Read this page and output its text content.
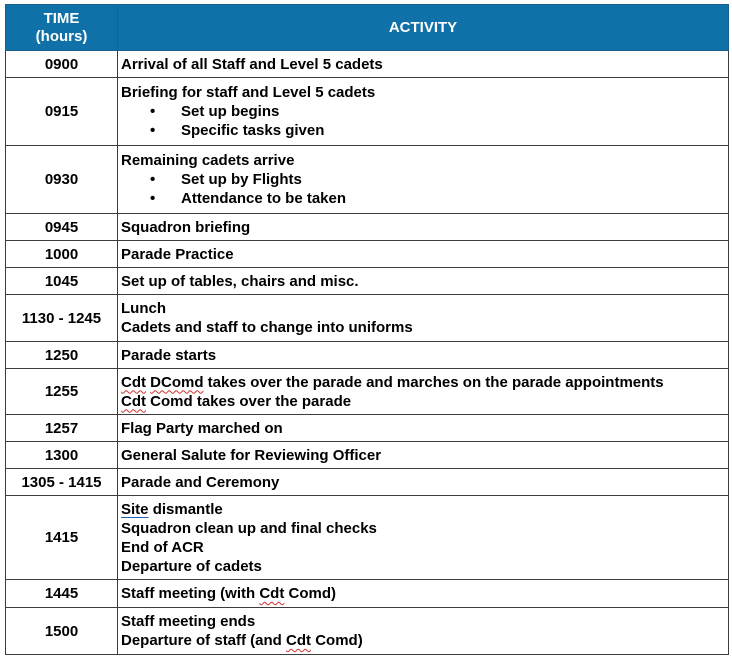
TIME
(hours)	ACTIVITY
0900	Arrival of all Staff and Level 5 cadets

0915	Briefing for staff and Level 5 cadets
• Set up begins
• Specific tasks given

0930	Remaining cadets arrive
• Set up by Flights
• Attendance to be taken

0945	Squadron briefing

1000	Parade Practice

1045	Set up of tables, chairs and misc.

1130 - 1245	Lunch
Cadets and staff to change into uniforms

1250	Parade starts

1255	Cdt DComd takes over the parade and marches on the parade appointments
Cdt Comd takes over the parade

1257	Flag Party marched on

1300	General Salute for Reviewing Officer

1305 - 1415	Parade and Ceremony

1415	Site dismantle
Squadron clean up and final checks
End of ACR
Departure of cadets

1445	Staff meeting (with Cdt Comd)

1500	Staff meeting ends
Departure of staff (and Cdt Comd)
